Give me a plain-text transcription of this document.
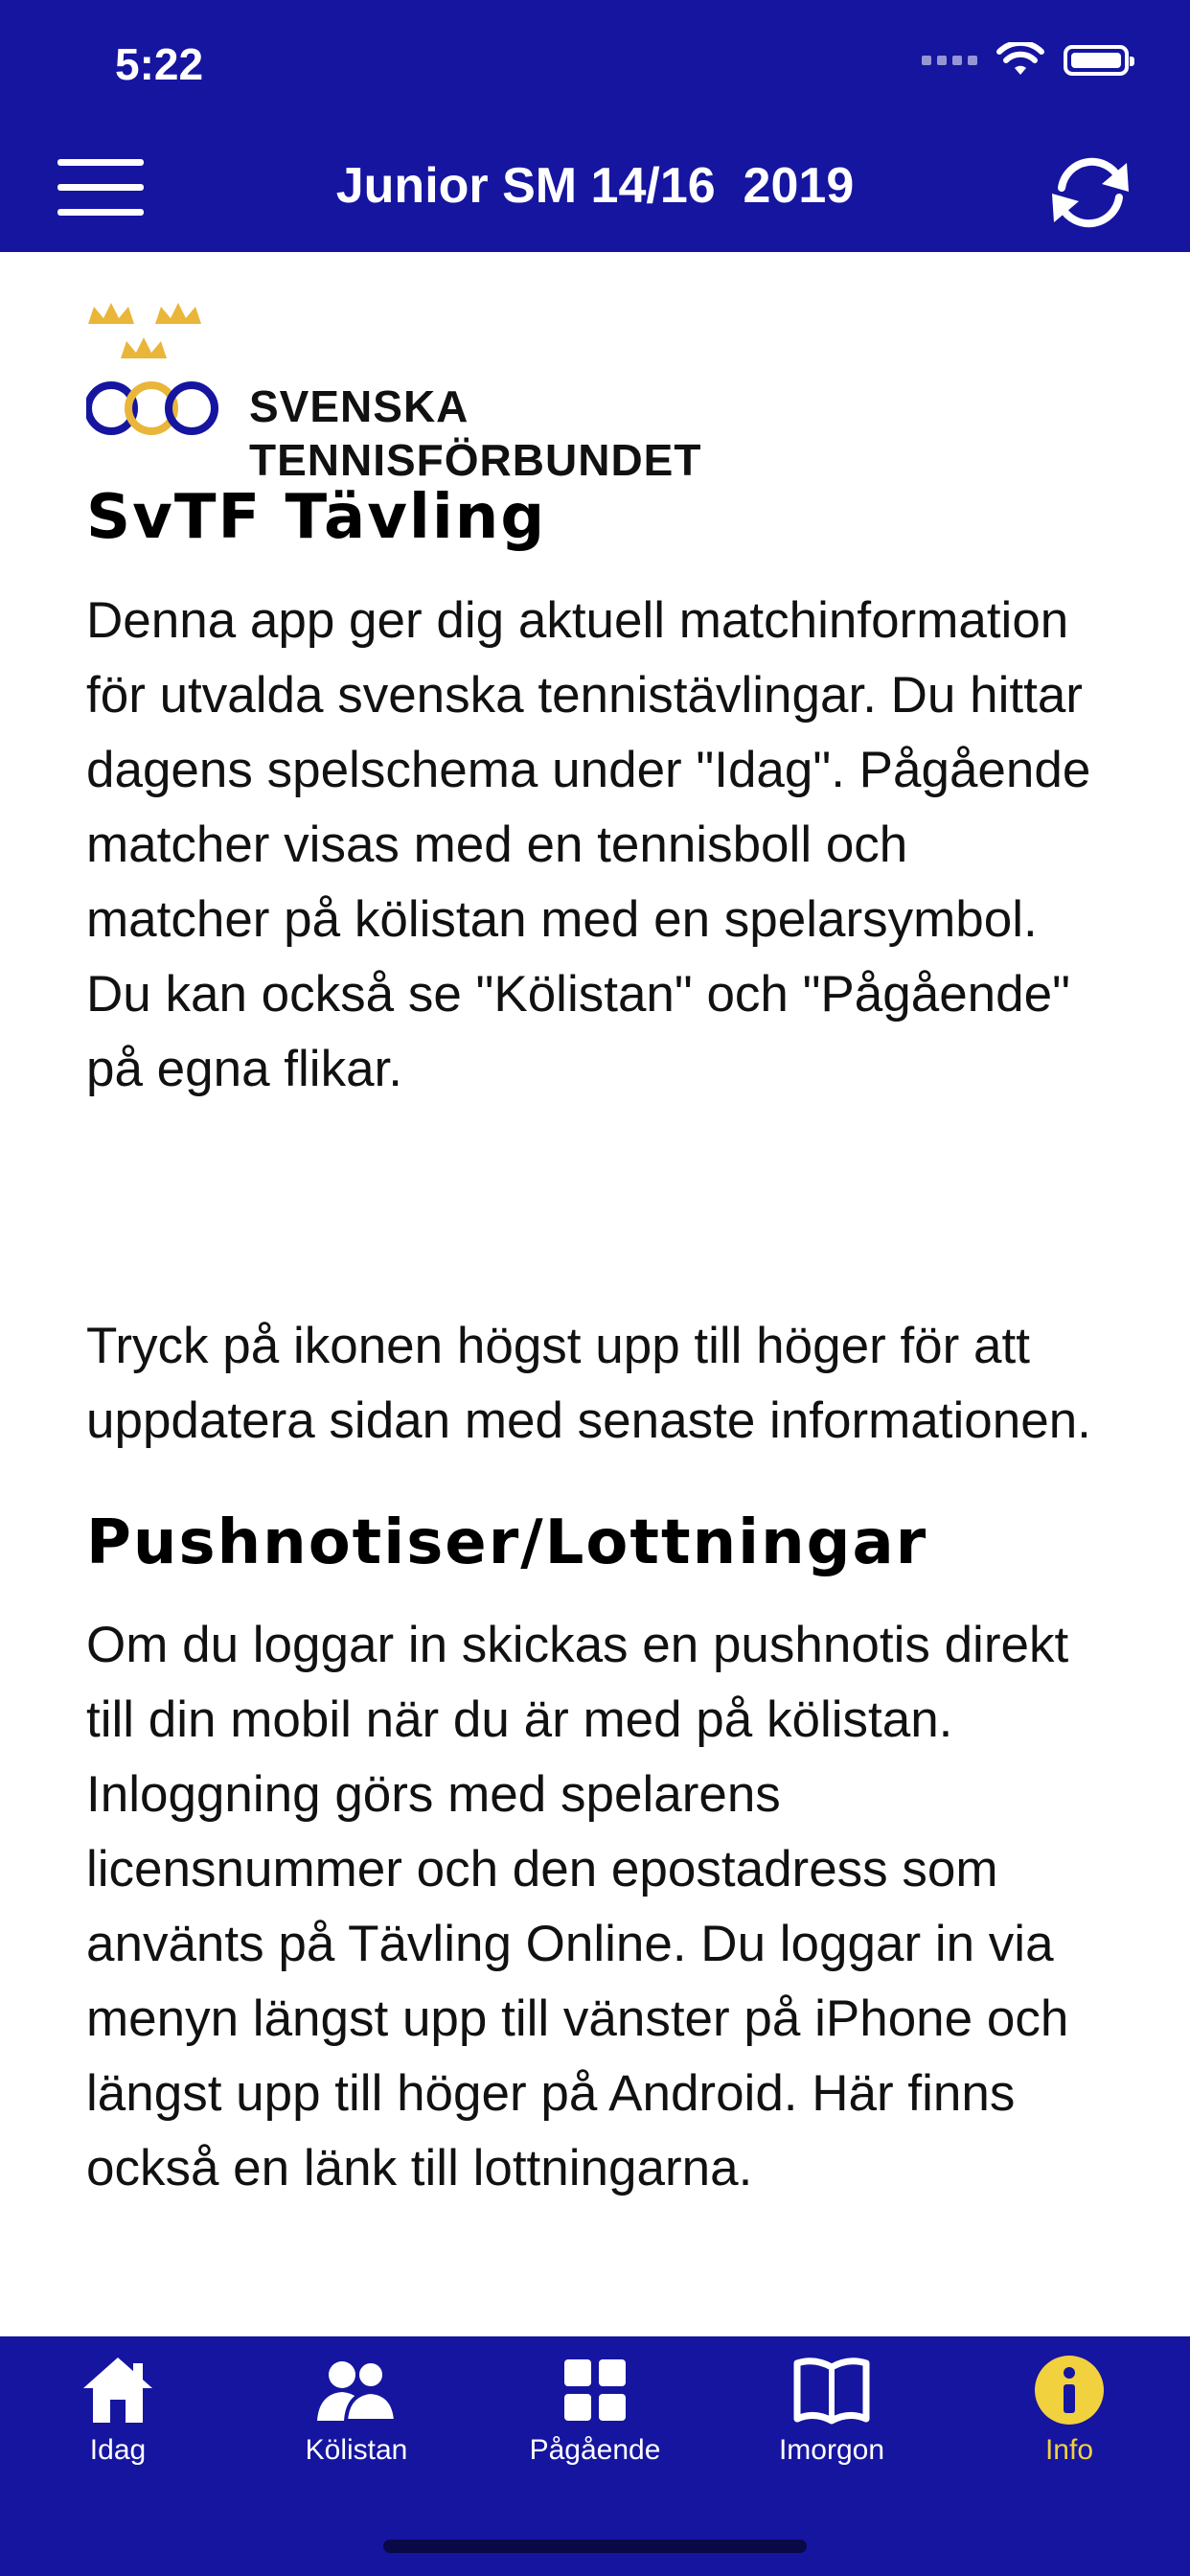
5:22
Junior SM 14/16  2019
SVENSKA
TENNISFÖRBUNDET
SvTF Tävling

Denna app ger dig aktuell matchinformation för utvalda svenska tennistävlingar. Du hittar dagens spelschema under "Idag". Pågående matcher visas med en tennisboll och matcher på kölistan med en spelarsymbol. Du kan också se "Kölistan" och "Pågående" på egna flikar.

Tryck på ikonen högst upp till höger för att uppdatera sidan med senaste informationen.

Pushnotiser/Lottningar

Om du loggar in skickas en pushnotis direkt till din mobil när du är med på kölistan. Inloggning görs med spelarens licensnummer och den epostadress som använts på Tävling Online. Du loggar in via menyn längst upp till vänster på iPhone och längst upp till höger på Android. Här finns också en länk till lottningarna.

Idag	Kölistan	Pågående	Imorgon	Info
